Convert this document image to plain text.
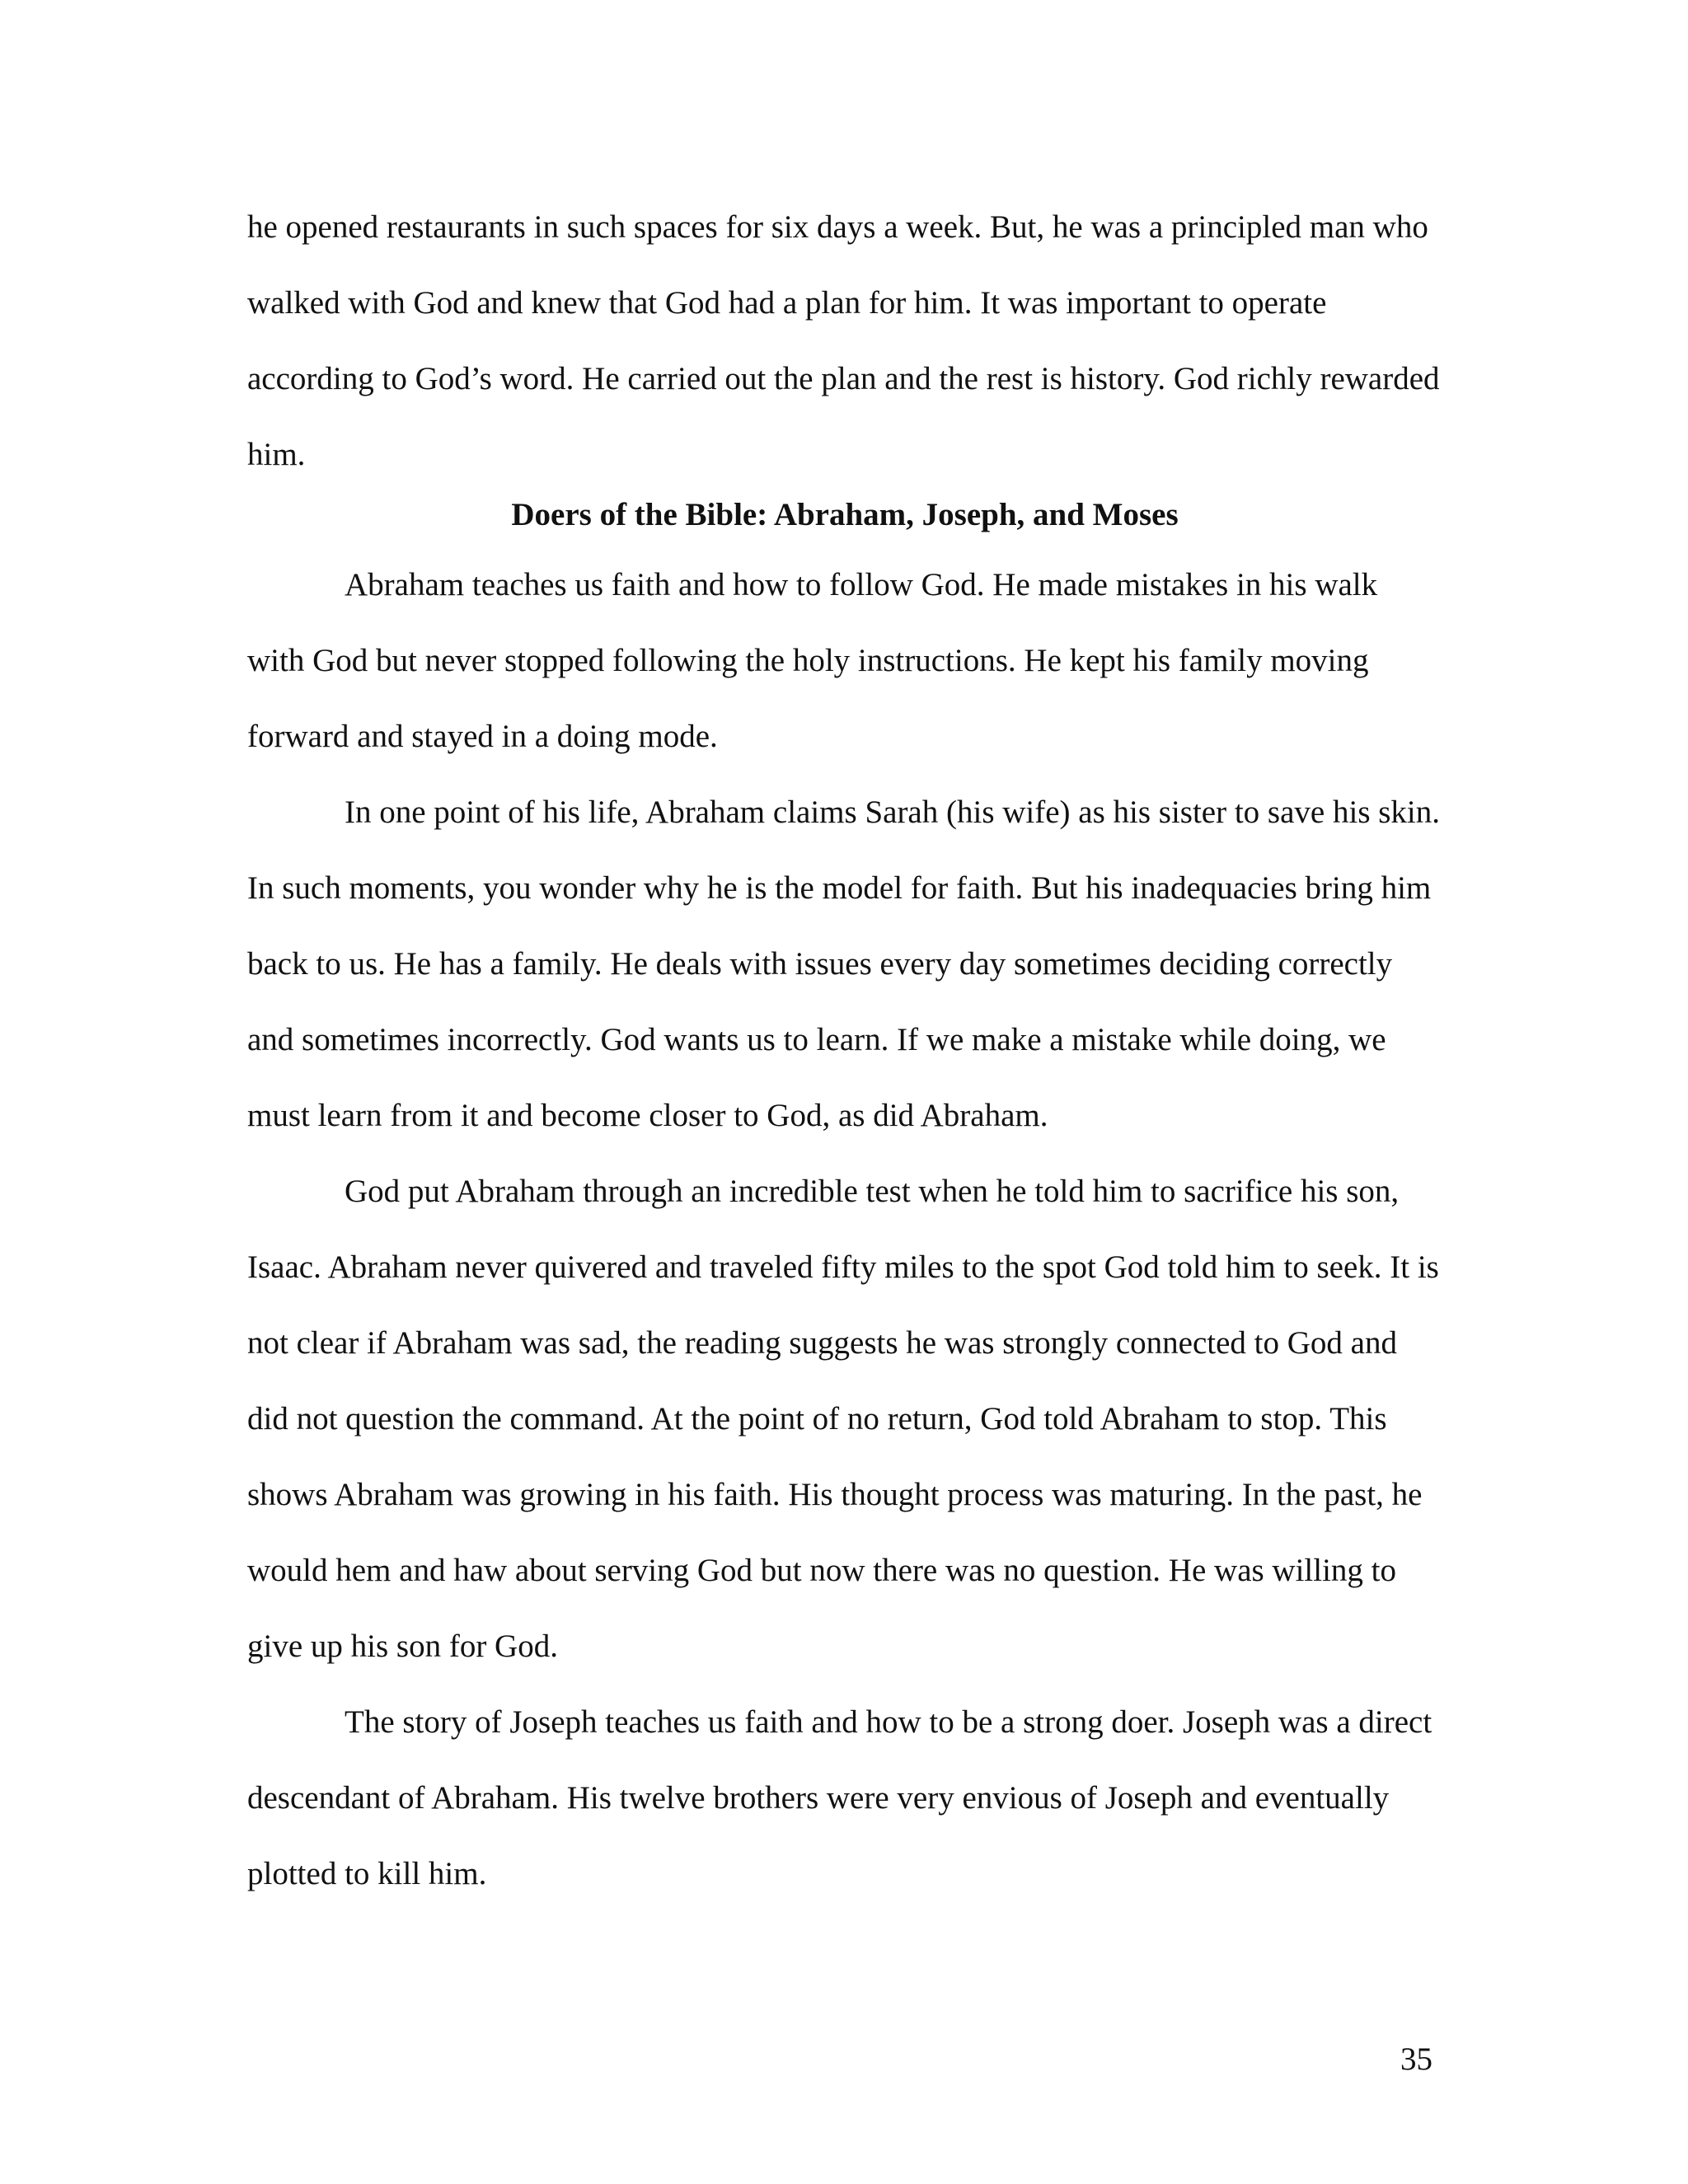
he opened restaurants in such spaces for six days a week. But, he was a principled man who walked with God and knew that God had a plan for him. It was important to operate according to God’s word. He carried out the plan and the rest is history. God richly rewarded him.

Doers of the Bible: Abraham, Joseph, and Moses

Abraham teaches us faith and how to follow God. He made mistakes in his walk with God but never stopped following the holy instructions. He kept his family moving forward and stayed in a doing mode.

In one point of his life, Abraham claims Sarah (his wife) as his sister to save his skin. In such moments, you wonder why he is the model for faith. But his inadequacies bring him back to us. He has a family. He deals with issues every day sometimes deciding correctly and sometimes incorrectly. God wants us to learn. If we make a mistake while doing, we must learn from it and become closer to God, as did Abraham.

God put Abraham through an incredible test when he told him to sacrifice his son, Isaac. Abraham never quivered and traveled fifty miles to the spot God told him to seek. It is not clear if Abraham was sad, the reading suggests he was strongly connected to God and did not question the command. At the point of no return, God told Abraham to stop. This shows Abraham was growing in his faith. His thought process was maturing. In the past, he would hem and haw about serving God but now there was no question. He was willing to give up his son for God.

The story of Joseph teaches us faith and how to be a strong doer. Joseph was a direct descendant of Abraham. His twelve brothers were very envious of Joseph and eventually plotted to kill him.

35
